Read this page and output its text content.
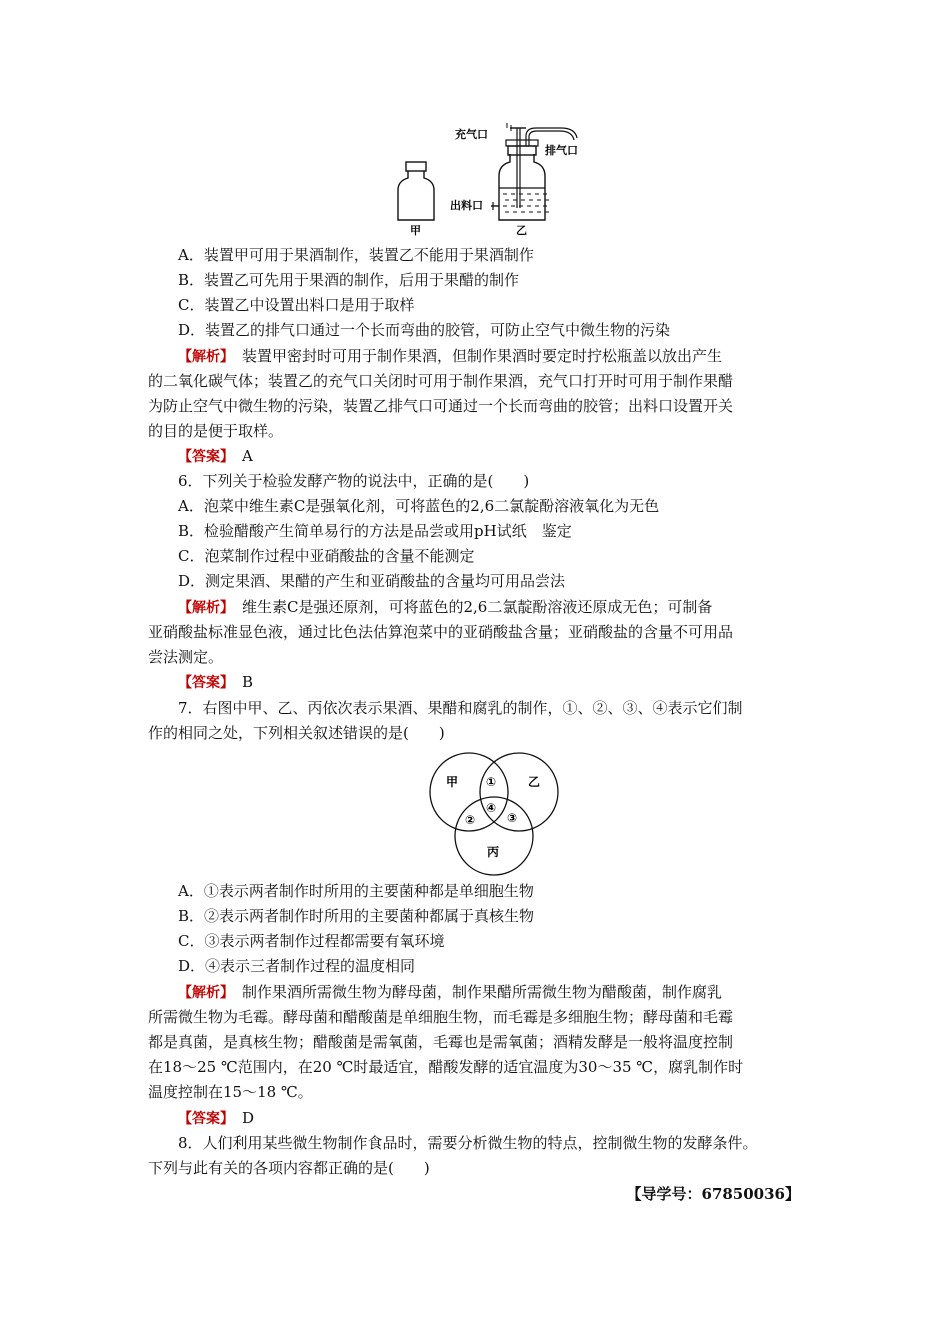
充气口
排气口
出料口
甲	乙
A．装置甲可用于果酒制作，装置乙不能用于果酒制作
B．装置乙可先用于果酒的制作，后用于果醋的制作
C．装置乙中设置出料口是用于取样
D．装置乙的排气口通过一个长而弯曲的胶管，可防止空气中微生物的污染
【解析】　 装置甲密封时可用于制作果酒，但制作果酒时要定时拧松瓶盖以放出产生
的二氧化碳气体；装置乙的充气口关闭时可用于制作果酒，充气口打开时可用于制作果醋
为防止空气中微生物的污染，装置乙排气口可通过一个长而弯曲的胶管；出料口设置开关
的目的是便于取样。
【答案】　 A
6．下列关于检验发酵产物的说法中，正确的是(　　)
A．泡菜中维生素C是强氧化剂，可将蓝色的2,6二氯靛酚溶液氧化为无色
B．检验醋酸产生简单易行的方法是品尝或用pH试纸　鉴定
C．泡菜制作过程中亚硝酸盐的含量不能测定
D．测定果酒、果醋的产生和亚硝酸盐的含量均可用品尝法
【解析】　 维生素C是强还原剂，可将蓝色的2,6二氯靛酚溶液还原成无色；可制备
亚硝酸盐标准显色液，通过比色法估算泡菜中的亚硝酸盐含量；亚硝酸盐的含量不可用品
尝法测定。
【答案】　 B
7．右图中甲、乙、丙依次表示果酒、果醋和腐乳的制作，①、②、③、④表示它们制
作的相同之处，下列相关叙述错误的是(　　)
甲	乙
丙
①
②	③
④
A．①表示两者制作时所用的主要菌种都是单细胞生物
B．②表示两者制作时所用的主要菌种都属于真核生物
C．③表示两者制作过程都需要有氧环境
D．④表示三者制作过程的温度相同
【解析】　 制作果酒所需微生物为酵母菌，制作果醋所需微生物为醋酸菌，制作腐乳
所需微生物为毛霉。酵母菌和醋酸菌是单细胞生物，而毛霉是多细胞生物；酵母菌和毛霉
都是真菌，是真核生物；醋酸菌是需氧菌，毛霉也是需氧菌；酒精发酵是一般将温度控制
在18～25 ℃范围内，在20 ℃时最适宜，醋酸发酵的适宜温度为30～35 ℃，腐乳制作时
温度控制在15～18 ℃。
【答案】　 D
8．人们利用某些微生物制作食品时，需要分析微生物的特点，控制微生物的发酵条件。
下列与此有关的各项内容都正确的是(　　)
【导学号：67850036】
